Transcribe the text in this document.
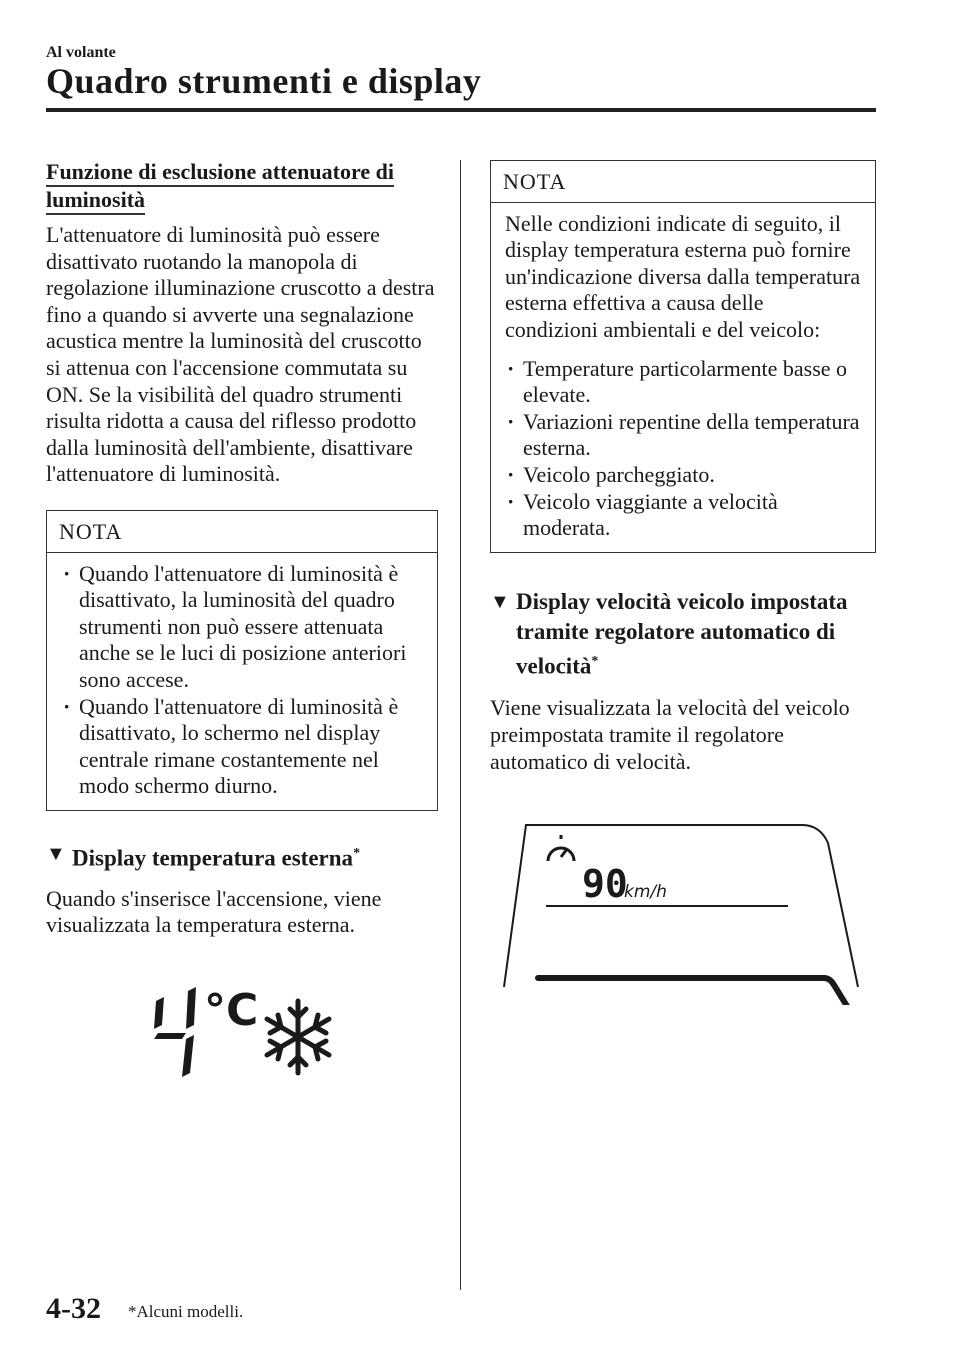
Al volante
Quadro strumenti e display
Funzione di esclusione attenuatore di luminosità

L'attenuatore di luminosità può essere disattivato ruotando la manopola di regolazione illuminazione cruscotto a destra fino a quando si avverte una segnalazione acustica mentre la luminosità del cruscotto si attenua con l'accensione commutata su ON. Se la visibilità del quadro strumenti risulta ridotta a causa del riflesso prodotto dalla luminosità dell'ambiente, disattivare l'attenuatore di luminosità.

NOTA
· Quando l'attenuatore di luminosità è disattivato, la luminosità del quadro strumenti non può essere attenuata anche se le luci di posizione anteriori sono accese.
· Quando l'attenuatore di luminosità è disattivato, lo schermo nel display centrale rimane costantemente nel modo schermo diurno.
▼ Display temperatura esterna*

Quando s'inserisce l'accensione, viene visualizzata la temperatura esterna.

°C
NOTA

Nelle condizioni indicate di seguito, il display temperatura esterna può fornire un'indicazione diversa dalla temperatura esterna effettiva a causa delle condizioni ambientali e del veicolo:

· Temperature particolarmente basse o elevate.
· Variazioni repentine della temperatura esterna.
· Veicolo parcheggiato.
· Veicolo viaggiante a velocità moderata.
▼ Display velocità veicolo impostata tramite regolatore automatico di velocità*

Viene visualizzata la velocità del veicolo preimpostata tramite il regolatore automatico di velocità.

90
km/h
4-32 *Alcuni modelli.
